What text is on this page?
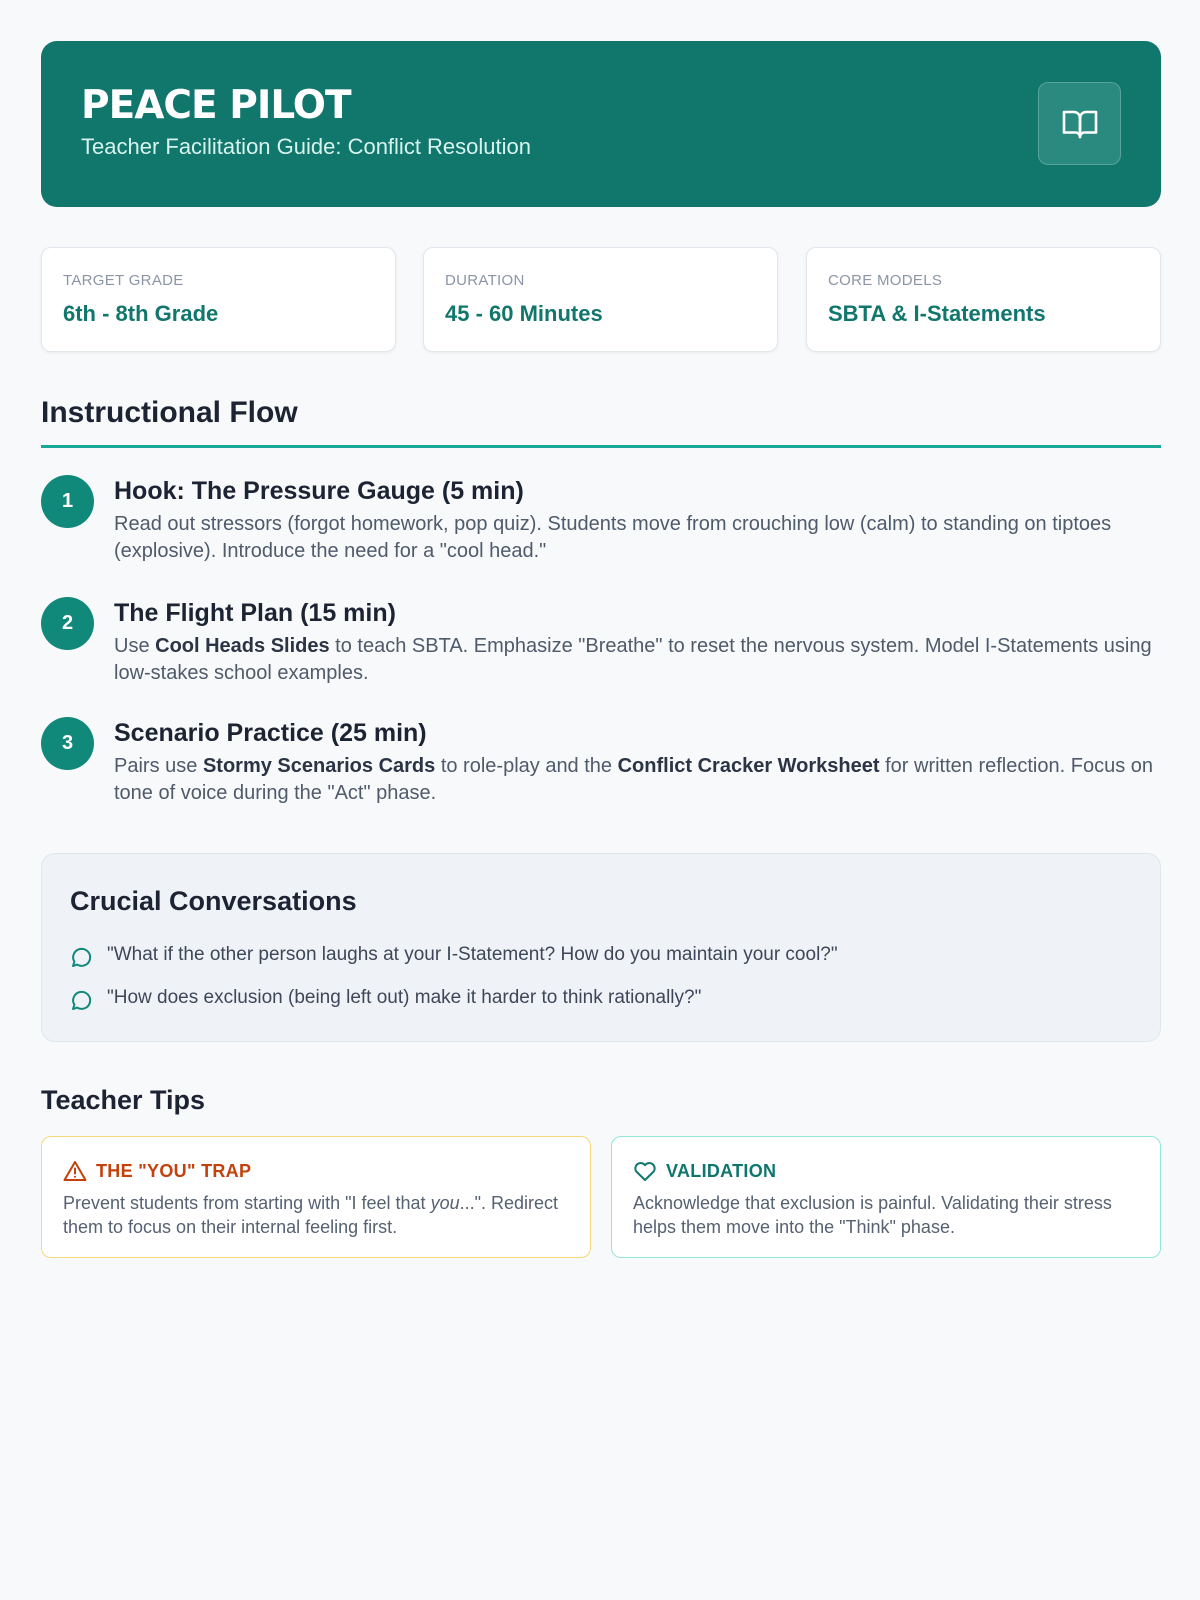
PEACE PILOT
Teacher Facilitation Guide: Conflict Resolution
TARGET GRADE
6th - 8th Grade
DURATION
45 - 60 Minutes
CORE MODELS
SBTA & I-Statements
Instructional Flow
1	Hook: The Pressure Gauge (5 min)
Read out stressors (forgot homework, pop quiz). Students move from crouching low (calm) to standing on tiptoes (explosive). Introduce the need for a "cool head."
2	The Flight Plan (15 min)
Use Cool Heads Slides to teach SBTA. Emphasize "Breathe" to reset the nervous system. Model I-Statements using low-stakes school examples.
3	Scenario Practice (25 min)
Pairs use Stormy Scenarios Cards to role-play and the Conflict Cracker Worksheet for written reflection. Focus on tone of voice during the "Act" phase.
Crucial Conversations
"What if the other person laughs at your I-Statement? How do you maintain your cool?"
"How does exclusion (being left out) make it harder to think rationally?"
Teacher Tips
THE "YOU" TRAP
Prevent students from starting with "I feel that you...". Redirect them to focus on their internal feeling first.
VALIDATION
Acknowledge that exclusion is painful. Validating their stress helps them move into the "Think" phase.
